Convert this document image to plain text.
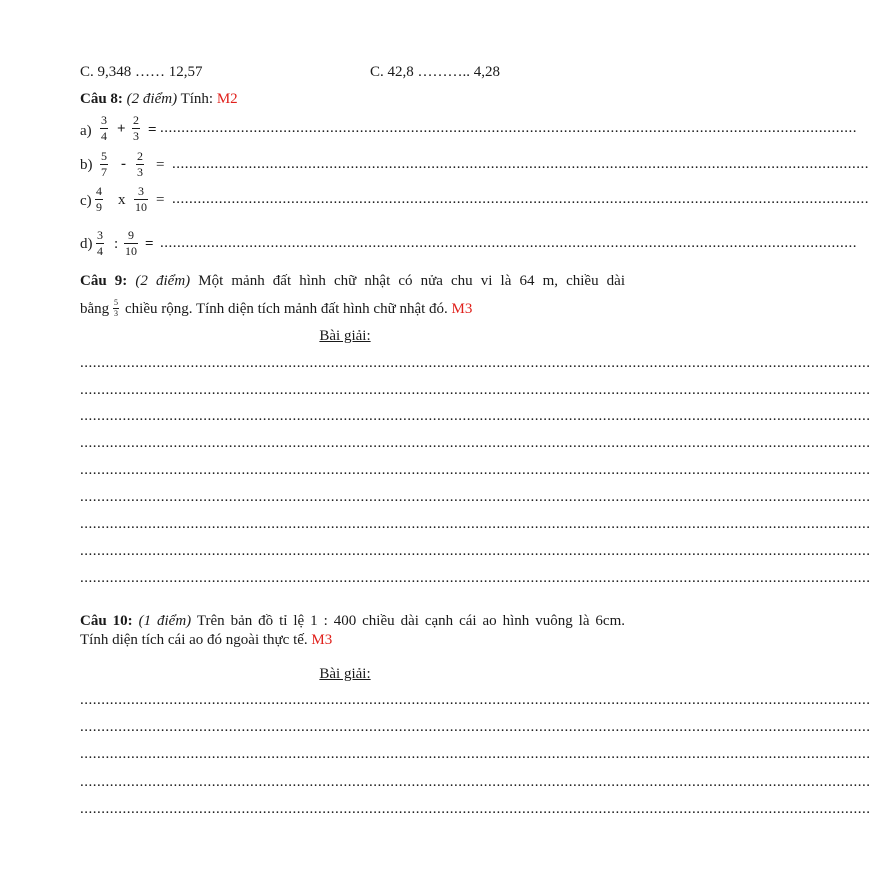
C. 9,348 …… 12,57	C. 42,8 ……….. 4,28
Câu 8: (2 điểm) Tính: M2
$a) \frac{3}{4} + \frac{2}{3}$ = ....................................................................................................................................................................
$b) \frac{5}{7} - \frac{2}{3}$ = ....................................................................................................................................................................
$c) \frac{4}{9}$ x $\frac{3}{10}$ = ....................................................................................................................................................................
$d) \frac{3}{4}$ : $\frac{9}{10}$ = ....................................................................................................................................................................
Câu 9: (2 điểm) Một mảnh đất hình chữ nhật có nửa chu vi là 64 m, chiều dài
bằng $\frac{5}{3}$ chiều rộng. Tính diện tích mảnh đất hình chữ nhật đó. M3
Bài giải:
..........................................................................................................................................................................................
..........................................................................................................................................................................................
..........................................................................................................................................................................................
..........................................................................................................................................................................................
..........................................................................................................................................................................................
..........................................................................................................................................................................................
..........................................................................................................................................................................................
..........................................................................................................................................................................................
..........................................................................................................................................................................................
Câu 10: (1 điểm) Trên bản đồ tỉ lệ 1 : 400 chiều dài cạnh cái ao hình vuông là 6cm.
Tính diện tích cái ao đó ngoài thực tế. M3
Bài giải:
..........................................................................................................................................................................................
..........................................................................................................................................................................................
..........................................................................................................................................................................................
..........................................................................................................................................................................................
..........................................................................................................................................................................................
